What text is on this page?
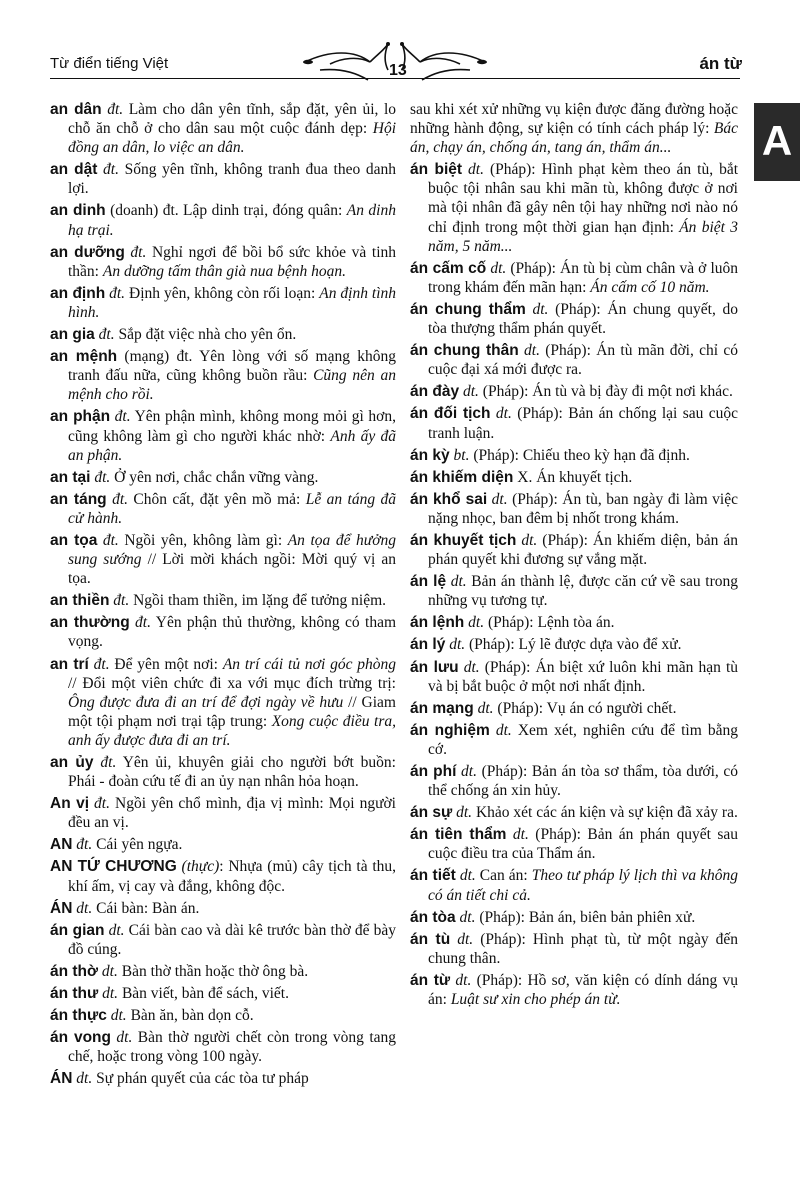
Từ điển tiếng Việt	13	án từ
A

an dân đt. Làm cho dân yên tĩnh, sắp đặt, yên ủi, lo chỗ ăn chỗ ở cho dân sau một cuộc đánh dẹp: Hội đồng an dân, lo việc an dân.

an dật đt. Sống yên tĩnh, không tranh đua theo danh lợi.

an dinh (doanh) đt. Lập dinh trại, đóng quân: An dinh hạ trại.

an dưỡng đt. Nghỉ ngơi để bồi bổ sức khỏe và tinh thần: An dưỡng tấm thân già nua bệnh hoạn.

an định đt. Định yên, không còn rối loạn: An định tình hình.

an gia đt. Sắp đặt việc nhà cho yên ổn.

an mệnh (mạng) đt. Yên lòng với số mạng không tranh đấu nữa, cũng không buồn rầu: Cũng nên an mệnh cho rồi.

an phận đt. Yên phận mình, không mong mỏi gì hơn, cũng không làm gì cho người khác nhờ: Anh ấy đã an phận.

an tại đt. Ở yên nơi, chắc chắn vững vàng.

an táng đt. Chôn cất, đặt yên mồ mả: Lễ an táng đã cử hành.

an tọa đt. Ngồi yên, không làm gì: An tọa để hưởng sung sướng // Lời mời khách ngồi: Mời quý vị an tọa.

an thiền đt. Ngồi tham thiền, im lặng để tưởng niệm.

an thường đt. Yên phận thủ thường, không có tham vọng.

an trí đt. Để yên một nơi: An trí cái tủ nơi góc phòng // Đổi một viên chức đi xa với mục đích trừng trị: Ông được đưa đi an trí để đợi ngày về hưu // Giam một tội phạm nơi trại tập trung: Xong cuộc điều tra, anh ấy được đưa đi an trí.

an ủy đt. Yên ủi, khuyên giải cho người bớt buồn: Phái - đoàn cứu tế đi an ủy nạn nhân hỏa hoạn.

An vị đt. Ngồi yên chổ mình, địa vị mình: Mọi người đều an vị.

AN đt. Cái yên ngựa.

AN TỨ CHƯƠNG (thực): Nhựa (mủ) cây tịch tà thu, khí ấm, vị cay và đắng, không độc.

ÁN dt. Cái bàn: Bàn án.

án gian dt. Cái bàn cao và dài kê trước bàn thờ để bày đồ cúng.

án thờ dt. Bàn thờ thần hoặc thờ ông bà.

án thư dt. Bàn viết, bàn để sách, viết.

án thực dt. Bàn ăn, bàn dọn cỗ.

án vong dt. Bàn thờ người chết còn trong vòng tang chế, hoặc trong vòng 100 ngày.

ÁN dt. Sự phán quyết của các tòa tư pháp

sau khi xét xử những vụ kiện được đăng đường hoặc những hành động, sự kiện có tính cách pháp lý: Bác án, chạy án, chống án, tang án, thẩm án...

án biệt dt. (Pháp): Hình phạt kèm theo án tù, bắt buộc tội nhân sau khi mãn tù, không được ở nơi mà tội nhân đã gây nên tội hay những nơi nào nó chỉ định trong một thời gian hạn định: Án biệt 3 năm, 5 năm...

án cấm cố dt. (Pháp): Án tù bị cùm chân và ở luôn trong khám đến mãn hạn: Án cấm cố 10 năm.

án chung thẩm dt. (Pháp): Án chung quyết, do tòa thượng thẩm phán quyết.

án chung thân dt. (Pháp): Án tù mãn đời, chỉ có cuộc đại xá mới được ra.

án đày dt. (Pháp): Án tù và bị đày đi một nơi khác.

án đối tịch dt. (Pháp): Bản án chống lại sau cuộc tranh luận.

án kỳ bt. (Pháp): Chiếu theo kỳ hạn đã định.

án khiếm diện X. Án khuyết tịch.

án khổ sai dt. (Pháp): Án tù, ban ngày đi làm việc nặng nhọc, ban đêm bị nhốt trong khám.

án khuyết tịch dt. (Pháp): Án khiếm diện, bản án phán quyết khi đương sự vắng mặt.

án lệ dt. Bản án thành lệ, được căn cứ về sau trong những vụ tương tự.

án lệnh dt. (Pháp): Lệnh tòa án.

án lý dt. (Pháp): Lý lẽ được dựa vào để xử.

án lưu dt. (Pháp): Án biệt xứ luôn khi mãn hạn tù và bị bắt buộc ở một nơi nhất định.

án mạng dt. (Pháp): Vụ án có người chết.

án nghiệm dt. Xem xét, nghiên cứu để tìm bằng cớ.

án phí dt. (Pháp): Bản án tòa sơ thẩm, tòa dưới, có thể chống án xin hủy.

án sự dt. Khảo xét các án kiện và sự kiện đã xảy ra.

án tiên thẩm dt. (Pháp): Bản án phán quyết sau cuộc điều tra của Thẩm án.

án tiết dt. Can án: Theo tư pháp lý lịch thì va không có án tiết chi cả.

án tòa dt. (Pháp): Bản án, biên bản phiên xử.

án tù dt. (Pháp): Hình phạt tù, từ một ngày đến chung thân.

án từ dt. (Pháp): Hồ sơ, văn kiện có dính dáng vụ án: Luật sư xin cho phép án từ.
